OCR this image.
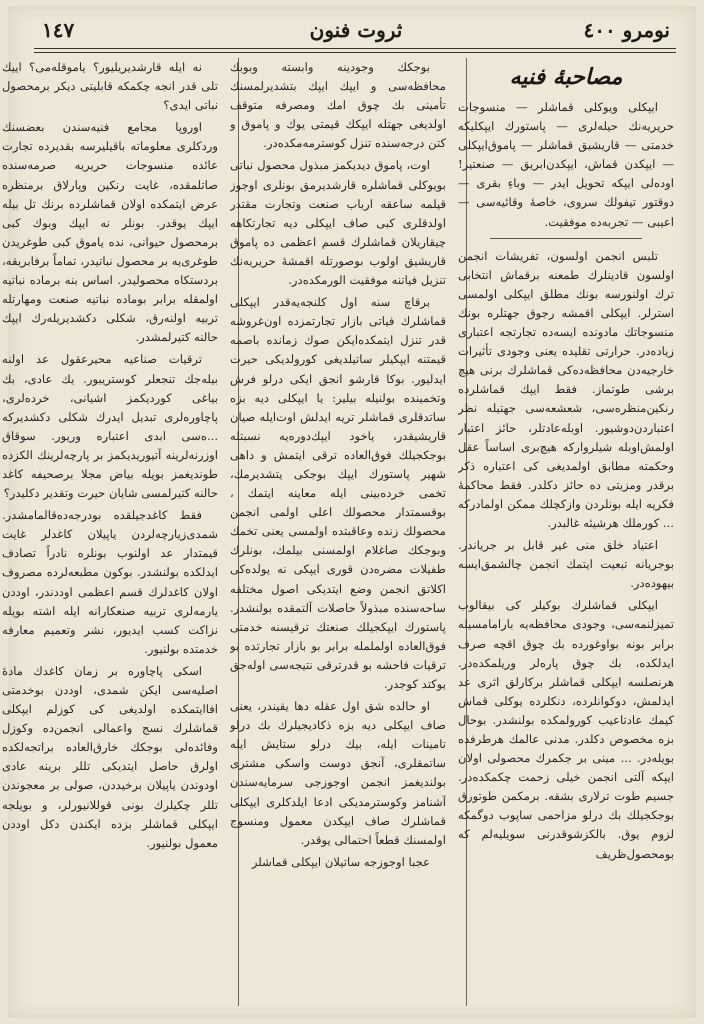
نومرو ٤٠٠
ثروت فنون
١٤٧
مصاحبهٔ فنیه

ایپکلی ویوکلی قماشلر — منسوجات حریریه‌نك حیله‌لری — پاستورك ایپکلیکه خدمتی — قاریشیق قماشلر — پاموق‌ایپکلی — ایپکدن قماش، ایپکدن‌ابریق — صنعتیر! اوده‌لی ایپکه تحویل ایدر — وباءِ بقری — دوقتور تیفولك سروی، خاصهٔ وقائیه‌سی — اعیبی — تجربه‌ده موفقیت.

تلبس انجمن اولسون، تفریشات انجمن اولسون قادینلرك طمعنه برقماش انتخابی ترك اولنورسه بونك مطلق ایپکلی اولمسی استرلر. ایپکلی اقمشه رجوق جهتلره بونك منسوجاتك مادونده ایسه‌ده تجارتجه اعتباری زیاده‌در. حرارتی تقلیده یعنی وجودی تأثیرات خارجیه‌دن محافظه‌ده‌كی قماشلرك برنی هیچ برشی طوتماز. فقط ایپك قماشلرده رنکین‌منظره‌سی، شعشعه‌سی جهتیله نظر اعتباردن‌دوشیور. اوبله‌عادتلر، حائز اعتبار اولمش‌اوبله شیلروارکه هیچ‌بری اساساً عقل وحکمته مطابق اولمدیغی کی اعتباره ذکر برقدر ومزیتی ده حائز دکلدر. فقط محاکمهٔ فکریه ایله بونلردن وازکچلك ممکن اولمادرکه ... کورملك هرشیئه غالبدر.

اعتیاد خلق منی غیر قابل بر جریاندر. بوجریانه تبعیت ایتمك انجمن چالشمق‌ایسه بیهوده‌در.

ایپکلی قماشلرك بوکیلر کی بیقالوب تمیزلنمه‌سی، وجودی محافظه‌یه بارامامسیله برابر بونه بواوغورده بك چوق اقچه صرف ایدلکده، بك چوق پاره‌لر وریلمکده‌در. هرنصلسه ایپکلی قماشلر برکارلق اثری عد ایدلمش، دوکوانلرده، دنکلرده یوکلی قماش کیمك عادتاعیب کورولمکده بولنشدر. بوحال بزه مخصوص دکلدر. مدنی عالمك هرطرفده بویله‌در. ... مینی بر جکمرك محصولی اولان ایپکه آلتی انجمن خیلی زحمت چکمکده‌در. جسیم طوت ترلاری بشقه. برمکمن طوتورق بوجکجیلك بك درلو مزاحمی ساپوب دوگمکه لزوم یوق. بالکزشوقدرنی سویلیه‌لم که بومحصول‌ظریف

بوجکك وجودینه وابسته وبوبك محافظه‌سی و ایپك ایپك بتشدیرلمسنك تأمینی بك چوق امك ومصرفه متوقف اولدیغی جهتله ایپکك قیمتی یوك و پاموق و کتن درجه‌سنده تنزل کوسترمه‌مکده‌در.

اوت، پاموق دیدیکمز مبذول محصول نباتی بویوکلی قماشلره قارشدیرمق بونلری اوجوز قیلمه ساعقه ارباب صنعت وتجارت مقتدر اولدقلری کبی صاف ایپکلی دیه تجارتکاهه چیقاریلان قماشلرك قسم اعظمی ده پاموق قاریشیق اولوب بوصورتله اقمشهٔ حریریه‌نك تنزیل فیاتنه موفقیت الورمکده‌در.

برقاچ سنه اول کلنجه‌یه‌قدر ایپکلی قماشلرك فیاتی بازار تجارتمزده اون‌غروشه قدر تنزل ایتمکده‌ایکن صوك زمانده باصمه قیمتنه ایپکیلر ساتیلدیغی کورولدیکی حیرت ایدلیور. بوکا قارشو انجق ایکی درلو فرش وتخمینده بولنیله بیلیر: یا ایپکلی دیه بزه ساتدقلری قماشلر تریه ایدلش اوت‌ایله صیان قاریشیقدر، یاخود ایپك‌دوره‌یه نسبتله بوجکجیلك فوق‌العاده ترقی ایتمش و داهی شهیر پاستورك ایپك بوجکی یتشدیرمك، تخمی خرده‌بینی ایله معاینه ایتمك ، بوقسمتدار محصولك اعلی اولمی انجمن محصولك زنده وعاقبتده اولمسی یعنی تخمك وبوجکك صاغلام اولمسنی بیلمك، بونلرك طفیلات مضره‌دن قوری ایپکی نه یولده‌کی اکلاتق انجمن وضع ایتدیکی اصول مختلفه ساحه‌سنده مبذولاً حاصلات آلتمقده بولنشدر. پاستورك ایپکجیلك صنعتك ترقیسنه خدمتی فوق‌العاده اولململه برابر بو بازار تجارتده بو ترقیات فاحشه بو قدر‌ترقی نتیجه‌سی اوله‌جق یوکتد کوجدر.

او حالده شق اول عقله دها یقیندر، یعنی صاف ایپکلی دیه بزه ذکادیجیلرك بك درلو تامینات ایله، بیك درلو ستایش ایله ساتمقلری، آنجق دوست واسکی مشتری بولندیغمز انجمن اوجوزجی سرمایه‌سندن آشنامز وکوسترمدیکی ادعا ایلدکلری ایپکلی قماشلرك صاف ایپکدن معمول ومنسوج اولمسنك قطعاً احتمالی یوقدر.

عجبا اوجوزجه ساتیلان ایپکلی قماشلر

نه ایله قارشدیریلیور؟ یاموقله‌می؟ اییك تلی قدر انجه چکمکه قابلیتی دیکر برمحصول نباتی ایدی؟

اوروپا مجامع فنیه‌سندن بعضسنك وردکلری معلوماته باقیلیرسه بقدیرده تجارت عائده منسوجات حریریه صرمه‌سنده صاتلمقده، غایت رنکین وپارلاق برمنظره عرض ایتمکده اولان قماشلرده برنك تل بیله ایپك یوقدر. بونلر نه ایپك وبوك کبی برمحصول حیوانی، نده یاموق کبی طوغریدن طوغری‌یه بر محصول نباتیدر، تماماً برفابریقه، بردستکاه محصولیدر. اساس بنه برماده نباتیه اولمقله برابر بوماده نباتیه صنعت ومهارتله تربیه اولنه‌رق، شکلی دکشدیریله‌رك ایپك حالنه کتیرلمشدر.

ترقیات صناعیه محیرعقول عد اولنه بیله‌جك تنجعلر کوستریبور. یك عادی، بك بیاغی کوردیکمز اشیانی، خرده‌لری، پاچاوره‌لری تبدیل ایدرك شکلی دکشدیرکه ...ه‌سی ابدی اعتباره وریور. سوقاق اوزرنه‌لرینه آتیوریدیکمز بر پارچه‌لرینك الکزده طوندیغمز بویله بیاض مجلا برصحیفه کاغد حالنه کتیرلمسی شایان حیرت وتقدیر دکلیدر؟

فقط کاغدجیلقده بودرجه‌ده‌قالمامشدر. شمدی‌زیارچه‌لردن یاپیلان کاغدلر غایت قیمتدار عد اولنوب بونلره نادراً تصادف ایدلکده بولنشدر. بوکون مطبعه‌لرده مصروف اولان کاغدلرك قسم اعظمی اوددندر، اوددن یارمه‌لری تربیه صنعکارانه ایله اشته بویله نزاکت کسب ایدیور، نشر وتعمیم معارفه خدمتده بولنیور.

اسکی پاچاوره بر زمان کاغدك مادهٔ اصلیه‌سی ایکن شمدی، اوددن بوخدمتی افاایتمکده اولدیغی کی کوزلم ایپکلی قماشلرك نسج واعمالی انجمن‌ده وکوزل وفائده‌لی بوجکك خارق‌العاده براتجه‌لکده اولرق حاصل ایتدیکی تللر برینه عادی اودوندن یاپیلان برخیددن، صولی بر معجوندن تللر چکیلرك بونی قوللانیورلر، و بویلجه ایپکلی قماشلر بزده ایکندن دکل اوددن معمول بولنیور.
